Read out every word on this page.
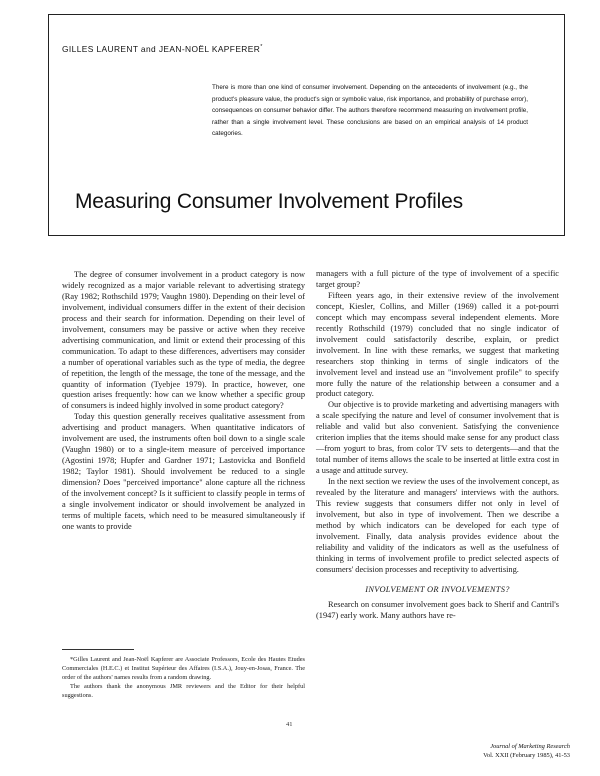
GILLES LAURENT and JEAN-NOËL KAPFERER*
There is more than one kind of consumer involvement. Depending on the antecedents of involvement (e.g., the product's pleasure value, the product's sign or symbolic value, risk importance, and probability of purchase error), consequences on consumer behavior differ. The authors therefore recommend measuring on involvement profile, rather than a single involvement level. These conclusions are based on an empirical analysis of 14 product categories.
Measuring Consumer Involvement Profiles

The degree of consumer involvement in a product category is now widely recognized as a major variable relevant to advertising strategy (Ray 1982; Rothschild 1979; Vaughn 1980). Depending on their level of involvement, individual consumers differ in the extent of their decision process and their search for information. Depending on their level of involvement, consumers may be passive or active when they receive advertising communication, and limit or extend their processing of this communication. To adapt to these differences, advertisers may consider a number of operational variables such as the type of media, the degree of repetition, the length of the message, the tone of the message, and the quantity of information (Tyebjee 1979). In practice, however, one question arises frequently: how can we know whether a specific group of consumers is indeed highly involved in some product category?

Today this question generally receives qualitative assessment from advertising and product managers. When quantitative indicators of involvement are used, the instruments often boil down to a single scale (Vaughn 1980) or to a single-item measure of perceived importance (Agostini 1978; Hupfer and Gardner 1971; Lastovicka and Bonfield 1982; Taylor 1981). Should involvement be reduced to a single dimension? Does "perceived importance" alone capture all the richness of the involvement concept? Is it sufficient to classify people in terms of a single involvement indicator or should involvement be analyzed in terms of multiple facets, which need to be measured simultaneously if one wants to provide

*Gilles Laurent and Jean-Noël Kapferer are Associate Professors, Ecole des Hautes Etudes Commerciales (H.E.C.) et Institut Supérieur des Affaires (I.S.A.), Jouy-en-Josas, France. The order of the authors' names results from a random drawing.

The authors thank the anonymous JMR reviewers and the Editor for their helpful suggestions.

managers with a full picture of the type of involvement of a specific target group?

Fifteen years ago, in their extensive review of the involvement concept, Kiesler, Collins, and Miller (1969) called it a pot-pourri concept which may encompass several independent elements. More recently Rothschild (1979) concluded that no single indicator of involvement could satisfactorily describe, explain, or predict involvement. In line with these remarks, we suggest that marketing researchers stop thinking in terms of single indicators of the involvement level and instead use an "involvement profile" to specify more fully the nature of the relationship between a consumer and a product category.

Our objective is to provide marketing and advertising managers with a scale specifying the nature and level of consumer involvement that is reliable and valid but also convenient. Satisfying the convenience criterion implies that the items should make sense for any product class—from yogurt to bras, from color TV sets to detergents—and that the total number of items allows the scale to be inserted at little extra cost in a usage and attitude survey.

In the next section we review the uses of the involvement concept, as revealed by the literature and managers' interviews with the authors. This review suggests that consumers differ not only in level of involvement, but also in type of involvement. Then we describe a method by which indicators can be developed for each type of involvement. Finally, data analysis provides evidence about the reliability and validity of the indicators as well as the usefulness of thinking in terms of involvement profile to predict selected aspects of consumers' decision processes and receptivity to advertising.

INVOLVEMENT OR INVOLVEMENTS?

Research on consumer involvement goes back to Sherif and Cantril's (1947) early work. Many authors have re-

41
Journal of Marketing Research
Vol. XXII (February 1985), 41-53
